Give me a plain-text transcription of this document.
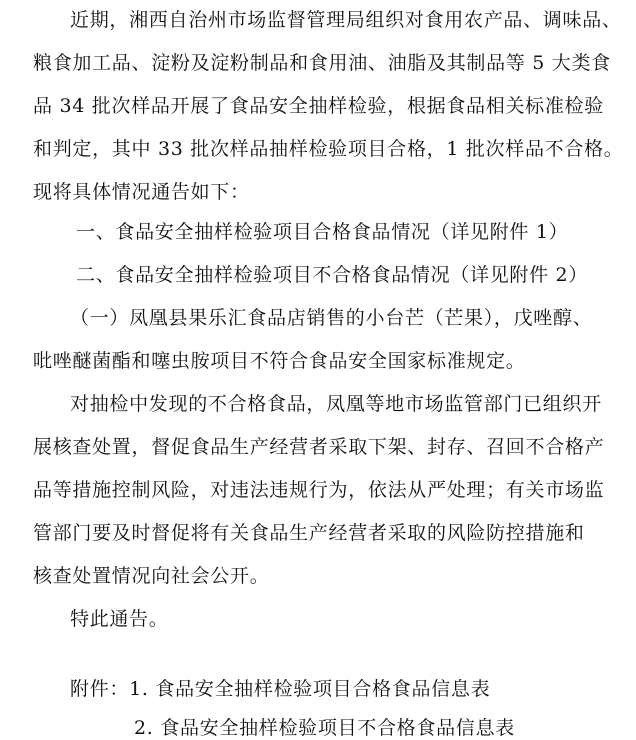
近期，湘西自治州市场监督管理局组织对食用农产品、调味品、
粮食加工品、淀粉及淀粉制品和食用油、油脂及其制品等 5 大类食
品 34 批次样品开展了食品安全抽样检验，根据食品相关标准检验
和判定，其中 33 批次样品抽样检验项目合格，1 批次样品不合格。
现将具体情况通告如下：
一、食品安全抽样检验项目合格食品情况（详见附件 1）
二、食品安全抽样检验项目不合格食品情况（详见附件 2）
（一）凤凰县果乐汇食品店销售的小台芒（芒果），戊唑醇、
吡唑醚菌酯和噻虫胺项目不符合食品安全国家标准规定。
对抽检中发现的不合格食品，凤凰等地市场监管部门已组织开
展核查处置，督促食品生产经营者采取下架、封存、召回不合格产
品等措施控制风险，对违法违规行为，依法从严处理；有关市场监
管部门要及时督促将有关食品生产经营者采取的风险防控措施和
核查处置情况向社会公开。
特此通告。
附件：1. 食品安全抽样检验项目合格食品信息表
2. 食品安全抽样检验项目不合格食品信息表
